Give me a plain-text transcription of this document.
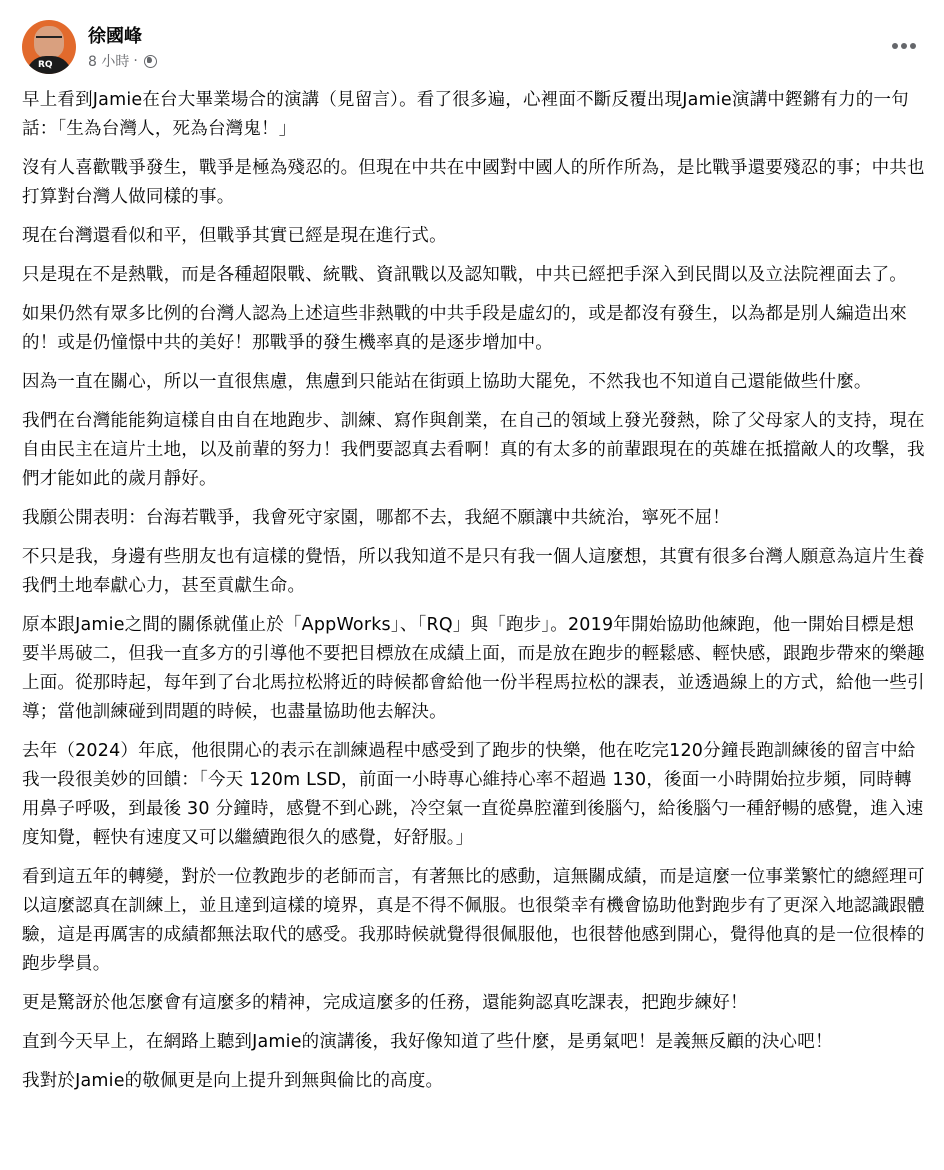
RQ
徐國峰
8 小時 ·

早上看到Jamie在台大畢業場合的演講（見留言）。看了很多遍，心裡面不斷反覆出現Jamie演講中鏗鏘有力的一句話：「生為台灣人，死為台灣鬼！」

沒有人喜歡戰爭發生，戰爭是極為殘忍的。但現在中共在中國對中國人的所作所為，是比戰爭還要殘忍的事；中共也打算對台灣人做同樣的事。

現在台灣還看似和平，但戰爭其實已經是現在進行式。

只是現在不是熱戰，而是各種超限戰、統戰、資訊戰以及認知戰，中共已經把手深入到民間以及立法院裡面去了。

如果仍然有眾多比例的台灣人認為上述這些非熱戰的中共手段是虛幻的，或是都沒有發生，以為都是別人編造出來的！或是仍憧憬中共的美好！那戰爭的發生機率真的是逐步增加中。

因為一直在關心，所以一直很焦慮，焦慮到只能站在街頭上協助大罷免，不然我也不知道自己還能做些什麼。

我們在台灣能能夠這樣自由自在地跑步、訓練、寫作與創業，在自己的領域上發光發熱，除了父母家人的支持，現在自由民主在這片土地，以及前輩的努力！我們要認真去看啊！真的有太多的前輩跟現在的英雄在抵擋敵人的攻擊，我們才能如此的歲月靜好。

我願公開表明：台海若戰爭，我會死守家園，哪都不去，我絕不願讓中共統治，寧死不屈！

不只是我，身邊有些朋友也有這樣的覺悟，所以我知道不是只有我一個人這麼想，其實有很多台灣人願意為這片生養我們土地奉獻心力，甚至貢獻生命。

原本跟Jamie之間的關係就僅止於「AppWorks」、「RQ」與「跑步」。2019年開始協助他練跑，他一開始目標是想要半馬破二，但我一直多方的引導他不要把目標放在成績上面，而是放在跑步的輕鬆感、輕快感，跟跑步帶來的樂趣上面。從那時起，每年到了台北馬拉松將近的時候都會給他一份半程馬拉松的課表，並透過線上的方式，給他一些引導；當他訓練碰到問題的時候，也盡量協助他去解決。

去年（2024）年底，他很開心的表示在訓練過程中感受到了跑步的快樂，他在吃完120分鐘長跑訓練後的留言中給我一段很美妙的回饋：「今天 120m LSD，前面一小時專心維持心率不超過 130，後面一小時開始拉步頻，同時轉用鼻子呼吸，到最後 30 分鐘時，感覺不到心跳，冷空氣一直從鼻腔灌到後腦勺，給後腦勺一種舒暢的感覺，進入速度知覺，輕快有速度又可以繼續跑很久的感覺，好舒服。」

看到這五年的轉變，對於一位教跑步的老師而言，有著無比的感動，這無關成績，而是這麼一位事業繁忙的總經理可以這麼認真在訓練上，並且達到這樣的境界，真是不得不佩服。也很榮幸有機會協助他對跑步有了更深入地認識跟體驗，這是再厲害的成績都無法取代的感受。我那時候就覺得很佩服他，也很替他感到開心，覺得他真的是一位很棒的跑步學員。

更是驚訝於他怎麼會有這麼多的精神，完成這麼多的任務，還能夠認真吃課表，把跑步練好！

直到今天早上，在網路上聽到Jamie的演講後，我好像知道了些什麼，是勇氣吧！是義無反顧的決心吧！

我對於Jamie的敬佩更是向上提升到無與倫比的高度。
